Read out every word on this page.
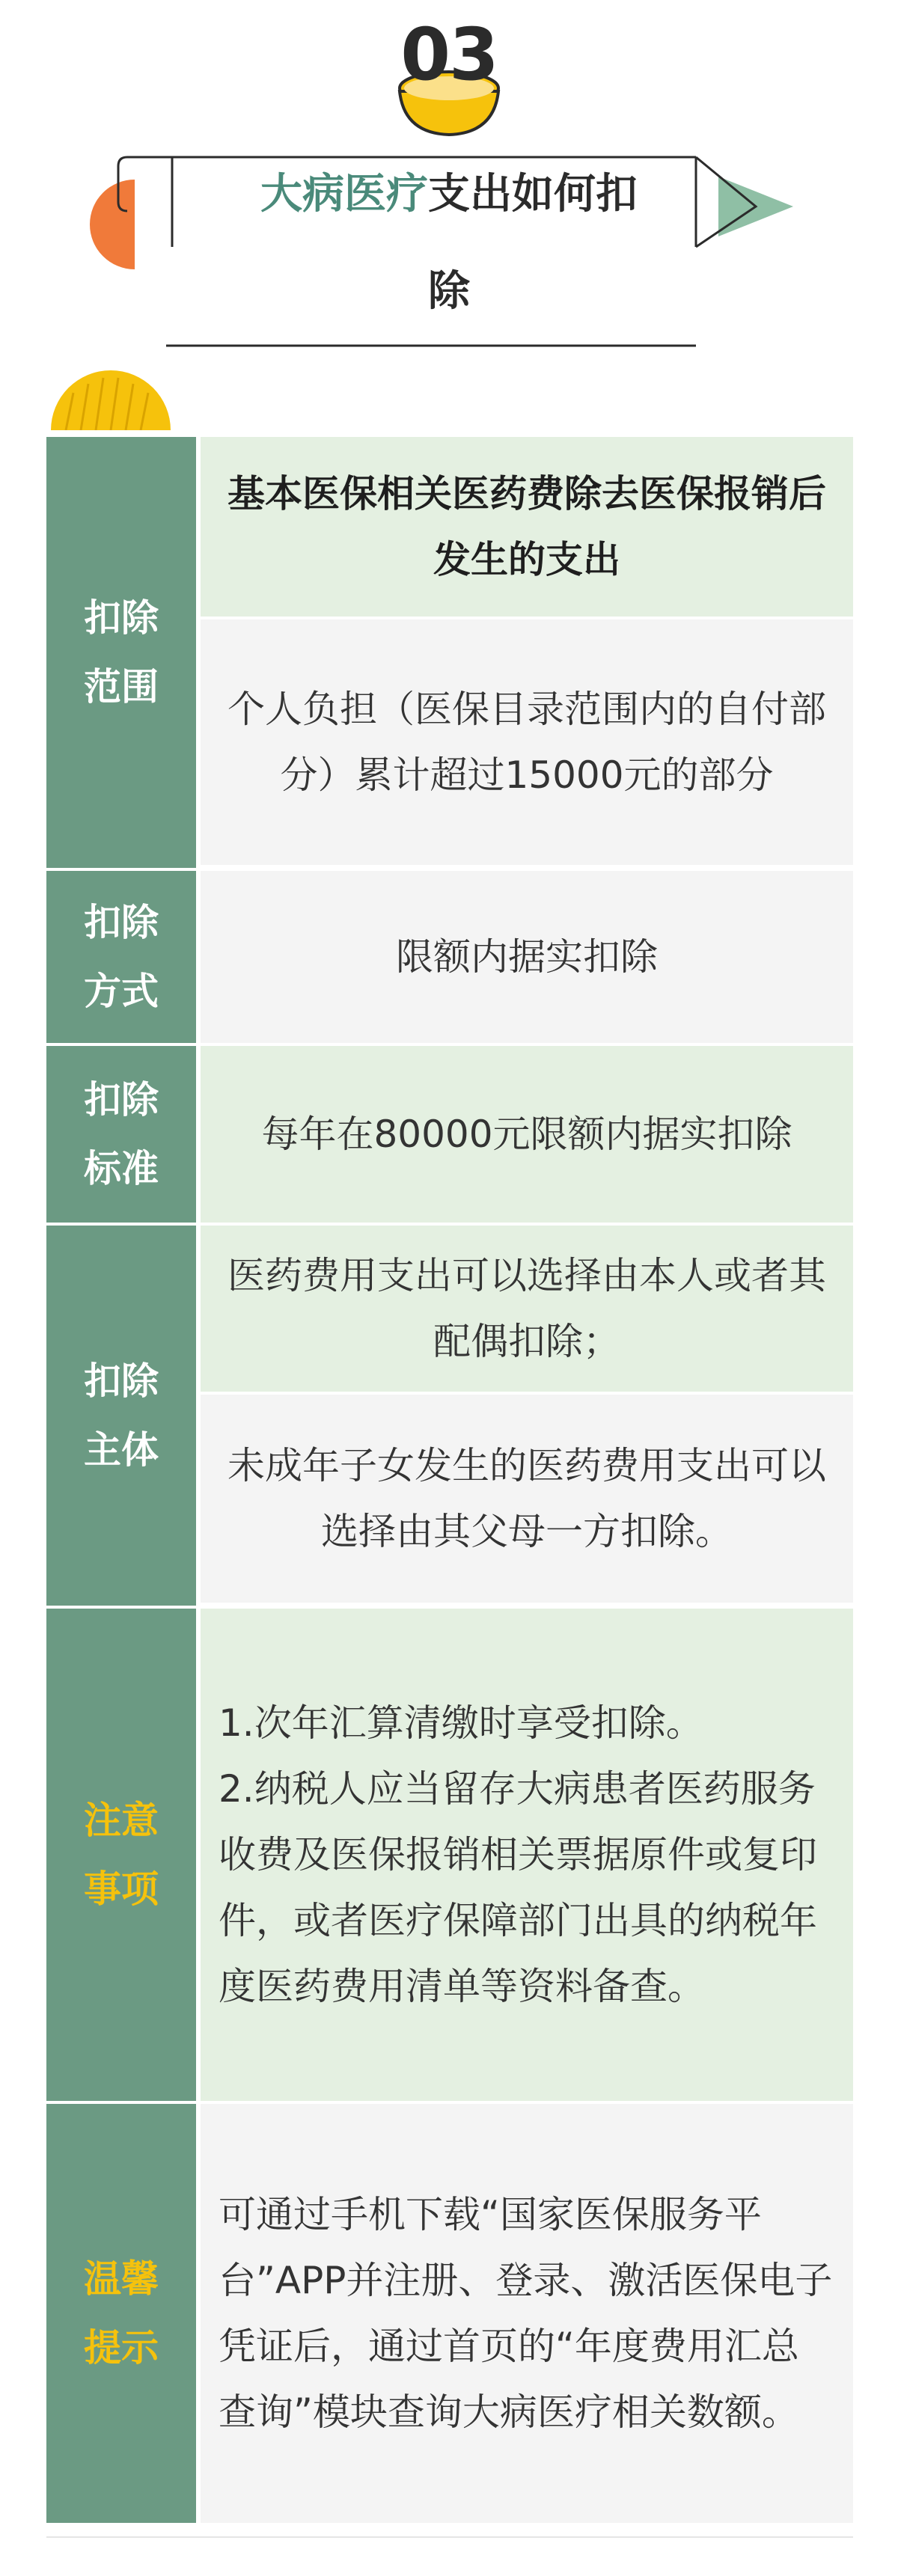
03
大病医疗支出如何扣
除
扣除范围
基本医保相关医药费除去医保报销后发生的支出
个人负担（医保目录范围内的自付部分）累计超过15000元的部分
扣除方式
限额内据实扣除
扣除标准
每年在80000元限额内据实扣除
扣除主体
医药费用支出可以选择由本人或者其配偶扣除；
未成年子女发生的医药费用支出可以选择由其父母一方扣除。
注意事项
1.次年汇算清缴时享受扣除。
2.纳税人应当留存大病患者医药服务收费及医保报销相关票据原件或复印件，或者医疗保障部门出具的纳税年度医药费用清单等资料备查。
温馨提示
可通过手机下载“国家医保服务平台”APP并注册、登录、激活医保电子凭证后，通过首页的“年度费用汇总查询”模块查询大病医疗相关数额。
